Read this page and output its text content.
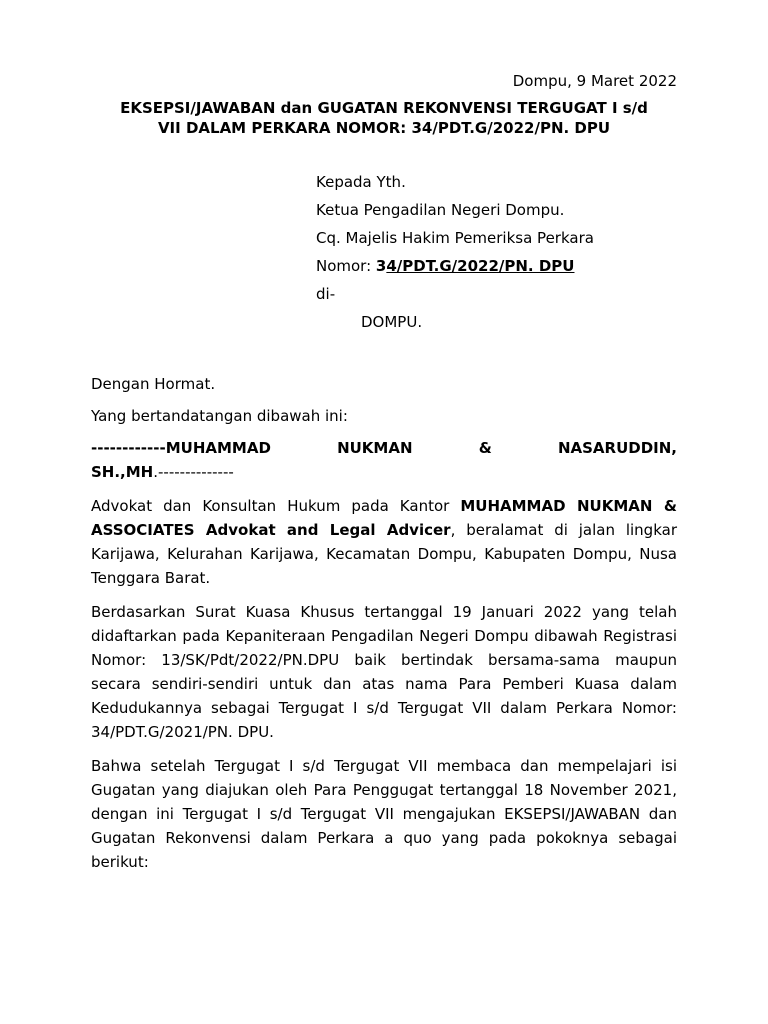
Dompu, 9 Maret 2022
EKSEPSI/JAWABAN dan GUGATAN REKONVENSI TERGUGAT I s/d
VII DALAM PERKARA NOMOR: 34/PDT.G/2022/PN. DPU
Kepada Yth.
Ketua Pengadilan Negeri Dompu.
Cq. Majelis Hakim Pemeriksa Perkara
Nomor: 34/PDT.G/2022/PN. DPU
di-
DOMPU.

Dengan Hormat.

Yang bertandatangan dibawah ini:

------------MUHAMMAD	NUKMAN	&	NASARUDDIN,
SH.,MH.--------------

Advokat dan Konsultan Hukum pada Kantor MUHAMMAD NUKMAN & ASSOCIATES Advokat and Legal Advicer, beralamat di jalan lingkar Karijawa, Kelurahan Karijawa, Kecamatan Dompu, Kabupaten Dompu, Nusa Tenggara Barat.

Berdasarkan Surat Kuasa Khusus tertanggal 19 Januari 2022 yang telah didaftarkan pada Kepaniteraan Pengadilan Negeri Dompu dibawah Registrasi Nomor: 13/SK/Pdt/2022/PN.DPU baik bertindak bersama-sama maupun secara sendiri-sendiri untuk dan atas nama Para Pemberi Kuasa dalam Kedudukannya sebagai Tergugat I s/d Tergugat VII dalam Perkara Nomor: 34/PDT.G/2021/PN. DPU.

Bahwa setelah Tergugat I s/d Tergugat VII membaca dan mempelajari isi Gugatan yang diajukan oleh Para Penggugat tertanggal 18 November 2021, dengan ini Tergugat I s/d Tergugat VII mengajukan EKSEPSI/JAWABAN dan Gugatan Rekonvensi dalam Perkara a quo yang pada pokoknya sebagai berikut:
